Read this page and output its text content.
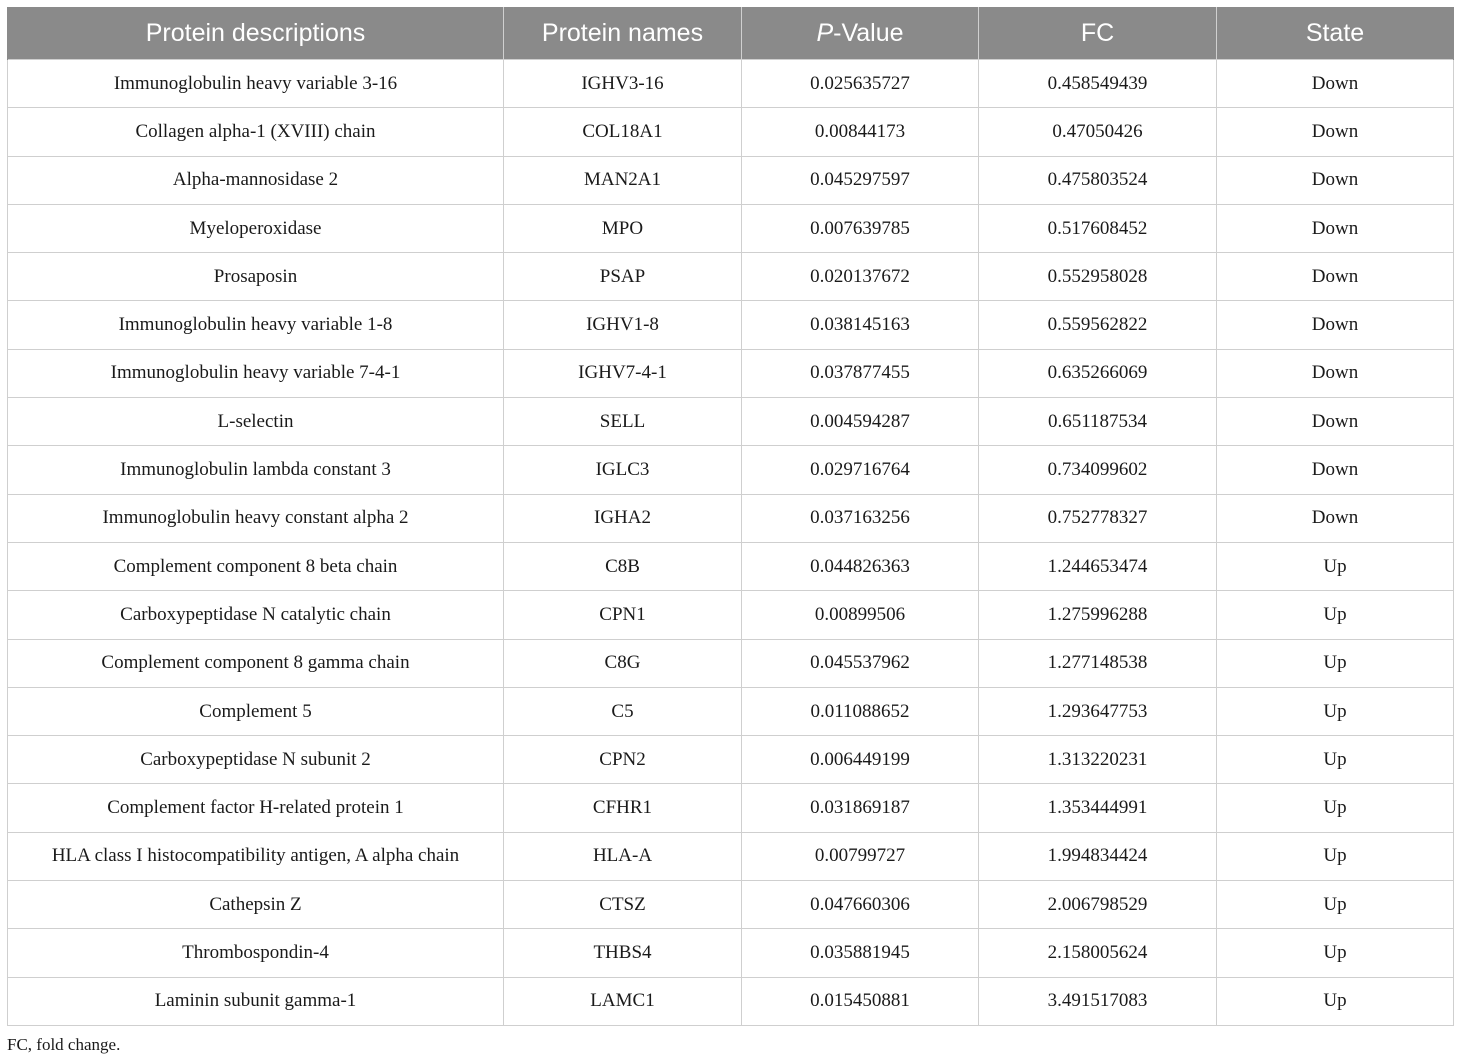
Protein descriptions	Protein names	P-Value	FC	State
Immunoglobulin heavy variable 3-16	IGHV3-16	0.025635727	0.458549439	Down
Collagen alpha-1 (XVIII) chain	COL18A1	0.00844173	0.47050426	Down
Alpha-mannosidase 2	MAN2A1	0.045297597	0.475803524	Down
Myeloperoxidase	MPO	0.007639785	0.517608452	Down
Prosaposin	PSAP	0.020137672	0.552958028	Down
Immunoglobulin heavy variable 1-8	IGHV1-8	0.038145163	0.559562822	Down
Immunoglobulin heavy variable 7-4-1	IGHV7-4-1	0.037877455	0.635266069	Down
L-selectin	SELL	0.004594287	0.651187534	Down
Immunoglobulin lambda constant 3	IGLC3	0.029716764	0.734099602	Down
Immunoglobulin heavy constant alpha 2	IGHA2	0.037163256	0.752778327	Down
Complement component 8 beta chain	C8B	0.044826363	1.244653474	Up
Carboxypeptidase N catalytic chain	CPN1	0.00899506	1.275996288	Up
Complement component 8 gamma chain	C8G	0.045537962	1.277148538	Up
Complement 5	C5	0.011088652	1.293647753	Up
Carboxypeptidase N subunit 2	CPN2	0.006449199	1.313220231	Up
Complement factor H-related protein 1	CFHR1	0.031869187	1.353444991	Up
HLA class I histocompatibility antigen, A alpha chain	HLA-A	0.00799727	1.994834424	Up
Cathepsin Z	CTSZ	0.047660306	2.006798529	Up
Thrombospondin-4	THBS4	0.035881945	2.158005624	Up
Laminin subunit gamma-1	LAMC1	0.015450881	3.491517083	Up
FC, fold change.
